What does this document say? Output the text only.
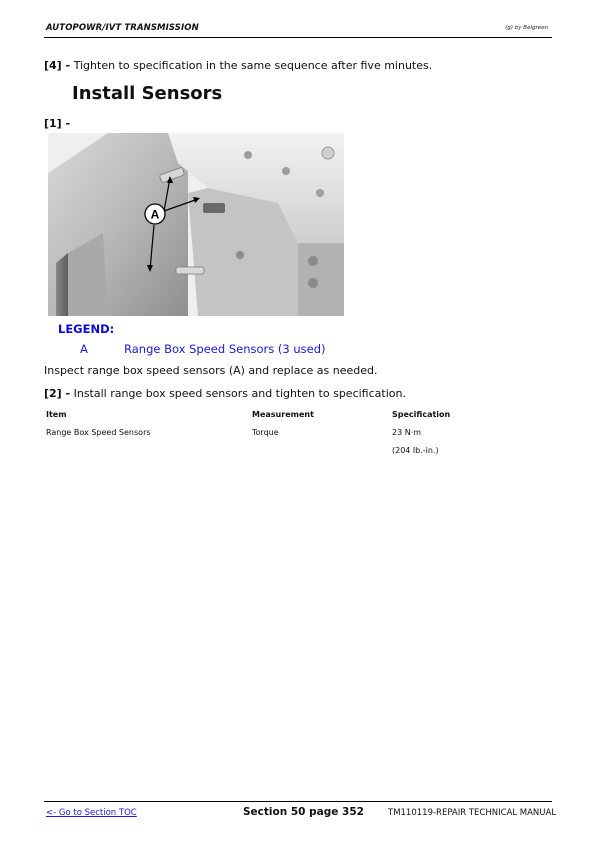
AUTOPOWR/IVT TRANSMISSION	(g) by Belgreen
[4] - Tighten to specification in the same sequence after five minutes.
Install Sensors
[1] -
A
LEGEND:
A	Range Box Speed Sensors (3 used)
Inspect range box speed sensors (A) and replace as needed.
[2] - Install range box speed sensors and tighten to specification.
Item	Measurement	Specification
Range Box Speed Sensors	Torque	23 N·m
(204 lb.-in.)
<- Go to Section TOC	Section 50 page 352	TM110119-REPAIR TECHNICAL MANUAL
